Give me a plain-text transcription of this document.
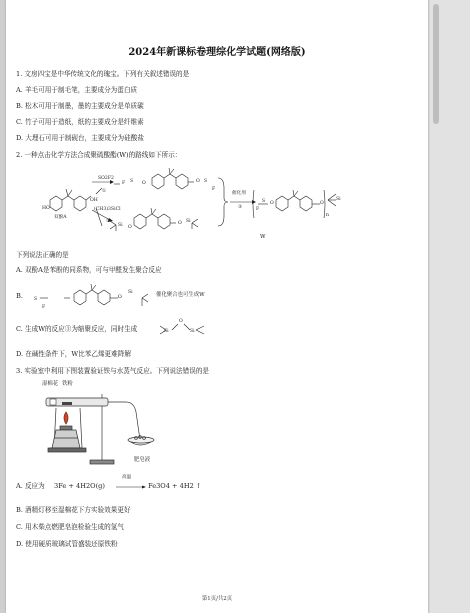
2024年新课标卷理综化学试题(网络版)
1. 文房四宝是中华传统文化的瑰宝。下列有关叙述错误的是
A. 羊毛可用于制毛笔，主要成分为蛋白质
B. 松木可用于制墨，墨的主要成分是单质碳
C. 竹子可用于造纸，纸的主要成分是纤维素
D. 大理石可用于制砚台，主要成分为硅酸盐
2. 一种点击化学方法合成聚硫酸酯(W)的路线如下所示：
HO
OH
双酚A
SO2F2
①
(CH3)3SiCl
②
F S O	O S
F
Si O
O Si
催化剂
③	F
S O	O
Si
n
W
下列说法正确的是
A. 双酚A是苯酚的同系物，可与甲醛发生聚合反应
B. S
F
O
Si	催化聚合也可生成W
C. 生成W的反应③为缩聚反应，同时生成
O
Si	Si
D. 在碱性条件下，W比苯乙烯更难降解
3. 实验室中利用下图装置验证铁与水蒸气反应。下列说法错误的是
湿棉花 铁粉
肥皂液
A. 反应为 3Fe + 4H2O(g)
高温
Fe3O4 + 4H2 ↑
B. 酒精灯移至湿棉花下方实验效果更好
C. 用木柴点燃肥皂泡检验生成的氢气
D. 使用硬质玻璃试管盛装还原铁粉
第1页/共2页
